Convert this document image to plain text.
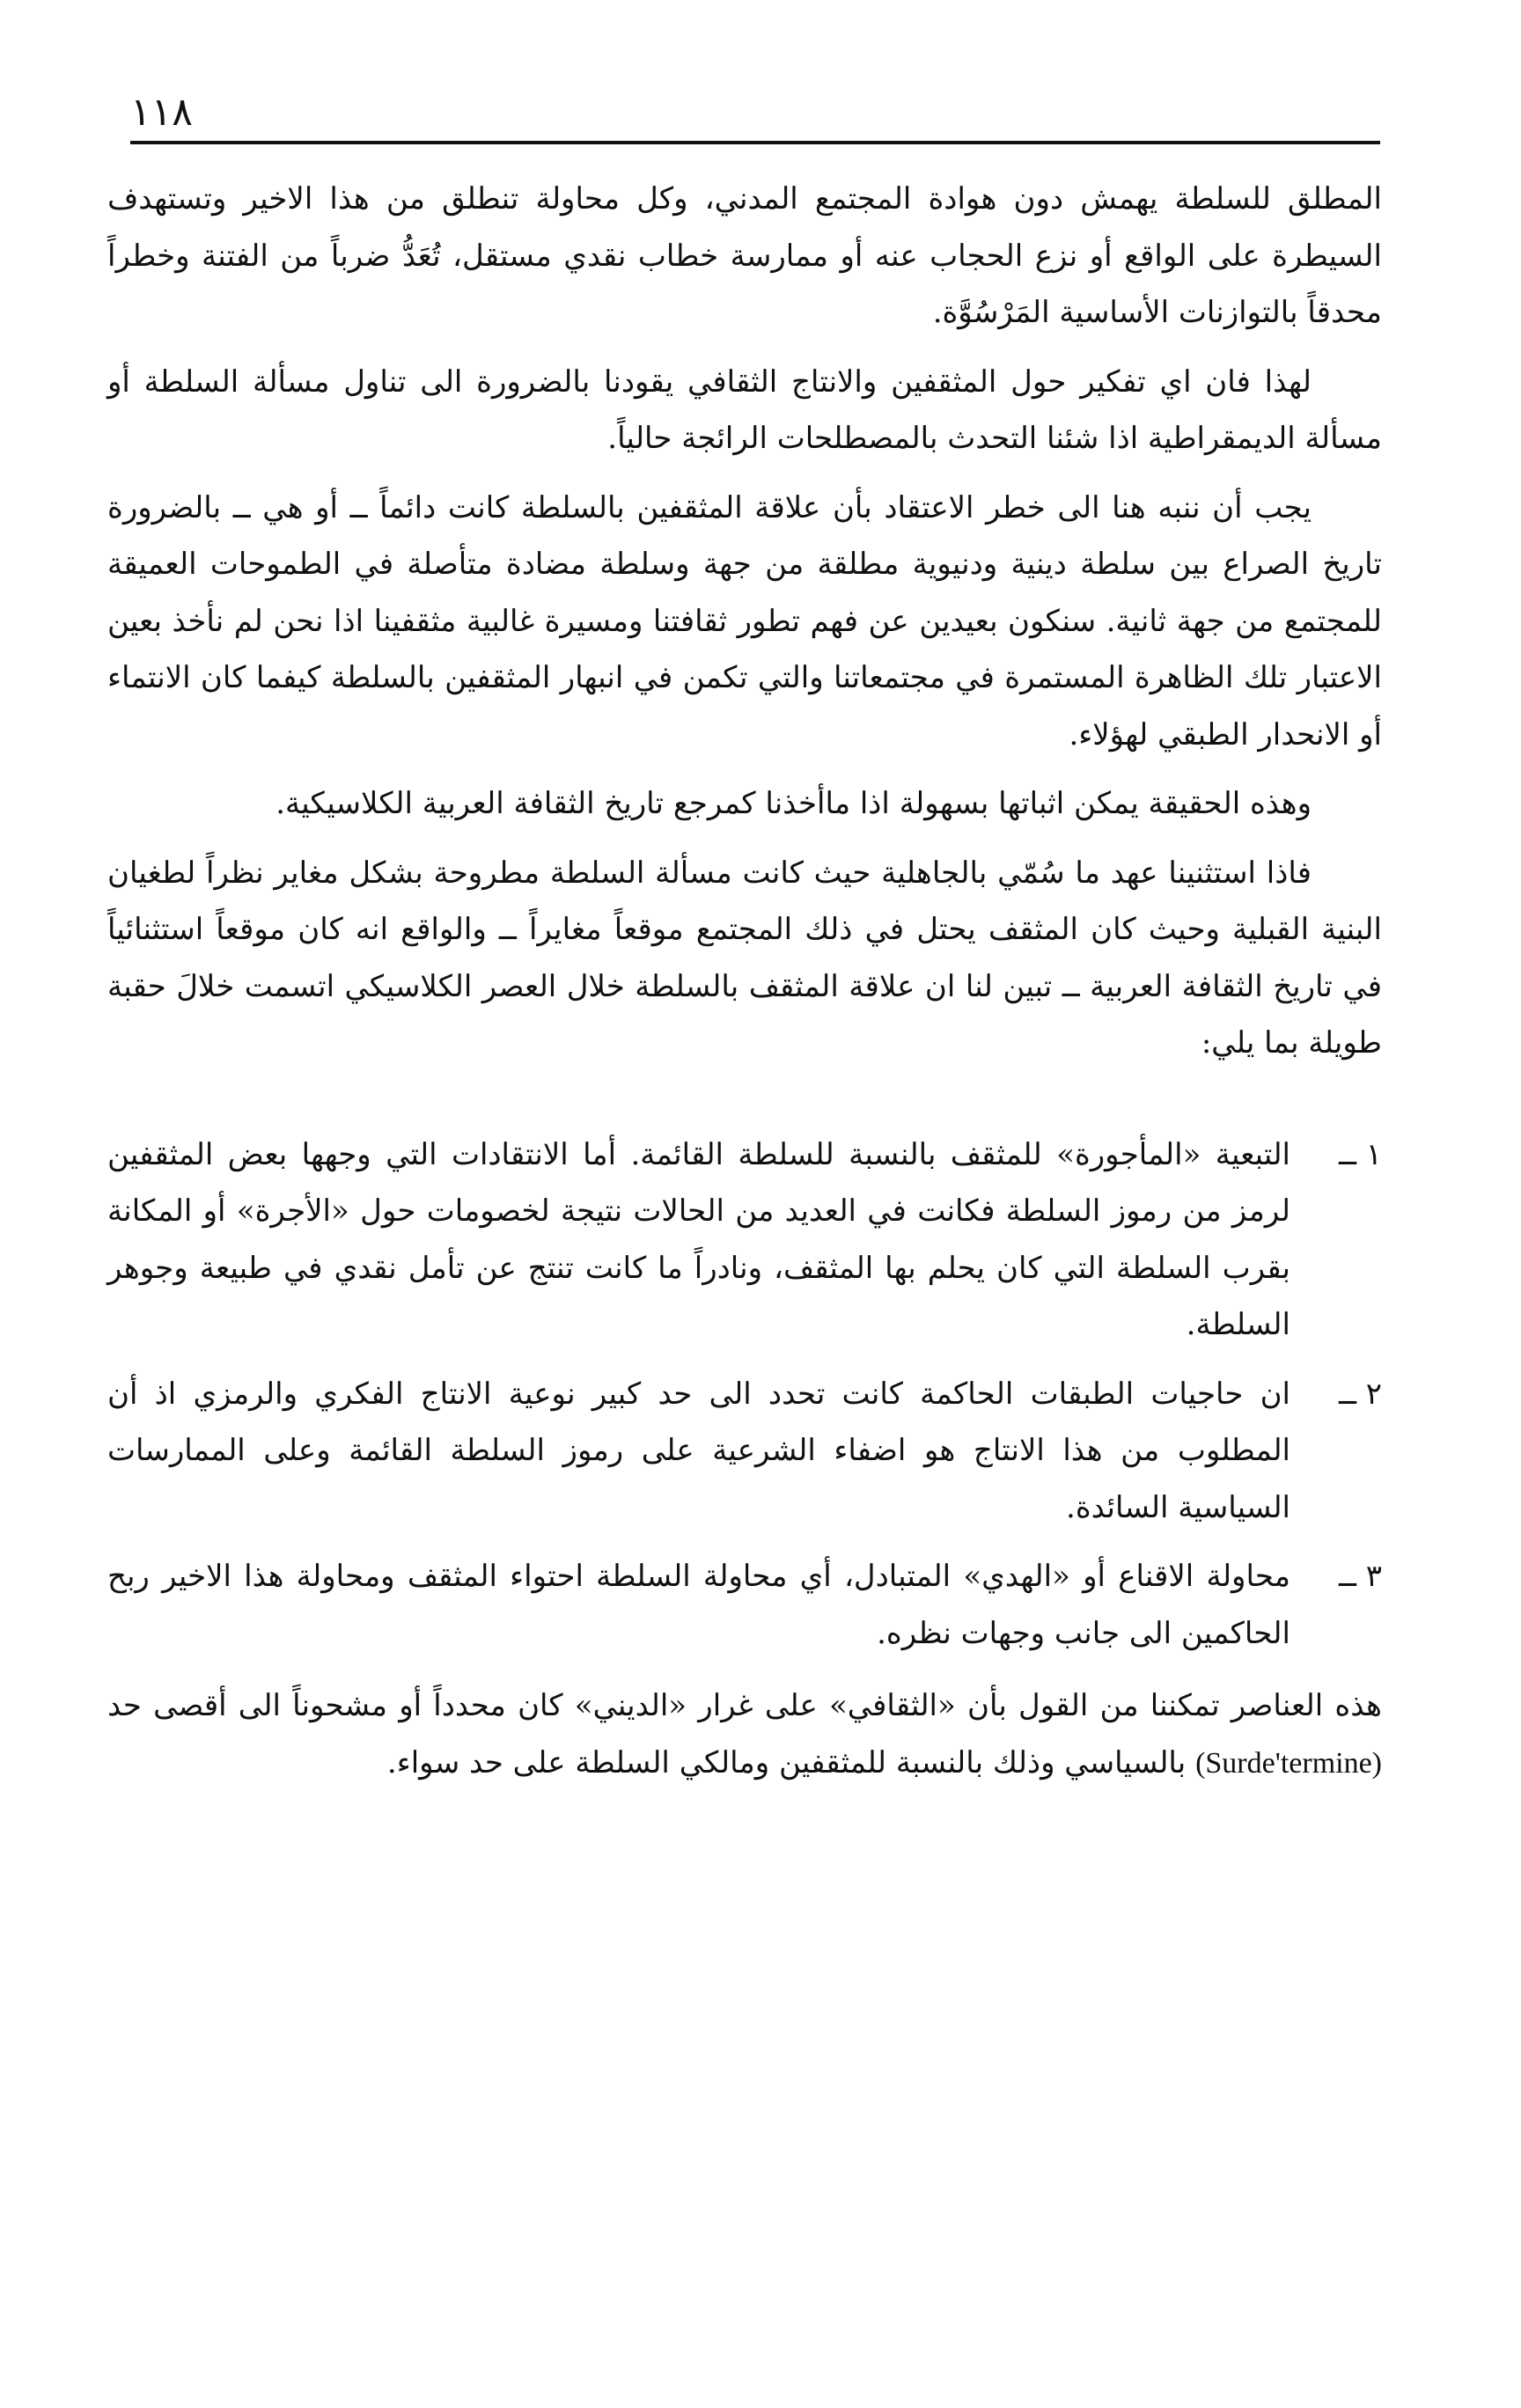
١١٨

المطلق للسلطة يهمش دون هوادة المجتمع المدني، وكل محاولة تنطلق من هذا الاخير وتستهدف السيطرة على الواقع أو نزع الحجاب عنه أو ممارسة خطاب نقدي مستقل، تُعَدُّ ضرباً من الفتنة وخطراً محدقاً بالتوازنات الأساسية المَرْسُوَّة.

لهذا فان اي تفكير حول المثقفين والانتاج الثقافي يقودنا بالضرورة الى تناول مسألة السلطة أو مسألة الديمقراطية اذا شئنا التحدث بالمصطلحات الرائجة حالياً.

يجب أن ننبه هنا الى خطر الاعتقاد بأن علاقة المثقفين بالسلطة كانت دائماً ــ أو هي ــ بالضرورة تاريخ الصراع بين سلطة دينية ودنيوية مطلقة من جهة وسلطة مضادة متأصلة في الطموحات العميقة للمجتمع من جهة ثانية. سنكون بعيدين عن فهم تطور ثقافتنا ومسيرة غالبية مثقفينا اذا نحن لم نأخذ بعين الاعتبار تلك الظاهرة المستمرة في مجتمعاتنا والتي تكمن في انبهار المثقفين بالسلطة كيفما كان الانتماء أو الانحدار الطبقي لهؤلاء.

وهذه الحقيقة يمكن اثباتها بسهولة اذا ماأخذنا كمرجع تاريخ الثقافة العربية الكلاسيكية.

فاذا استثنينا عهد ما سُمّي بالجاهلية حيث كانت مسألة السلطة مطروحة بشكل مغاير نظراً لطغيان البنية القبلية وحيث كان المثقف يحتل في ذلك المجتمع موقعاً مغايراً ــ والواقع انه كان موقعاً استثنائياً في تاريخ الثقافة العربية ــ تبين لنا ان علاقة المثقف بالسلطة خلال العصر الكلاسيكي اتسمت خلالَ حقبة طويلة بما يلي:

١ ــ
التبعية «المأجورة» للمثقف بالنسبة للسلطة القائمة. أما الانتقادات التي وجهها بعض المثقفين لرمز من رموز السلطة فكانت في العديد من الحالات نتيجة لخصومات حول «الأجرة» أو المكانة بقرب السلطة التي كان يحلم بها المثقف، ونادراً ما كانت تنتج عن تأمل نقدي في طبيعة وجوهر السلطة.
٢ ــ
ان حاجيات الطبقات الحاكمة كانت تحدد الى حد كبير نوعية الانتاج الفكري والرمزي اذ أن المطلوب من هذا الانتاج هو اضفاء الشرعية على رموز السلطة القائمة وعلى الممارسات السياسية السائدة.
٣ ــ
محاولة الاقناع أو «الهدي» المتبادل، أي محاولة السلطة احتواء المثقف ومحاولة هذا الاخير ربح الحاكمين الى جانب وجهات نظره.

هذه العناصر تمكننا من القول بأن «الثقافي» على غرار «الديني» كان محدداً أو مشحوناً الى أقصى حد (Surde'termine) بالسياسي وذلك بالنسبة للمثقفين ومالكي السلطة على حد سواء.
